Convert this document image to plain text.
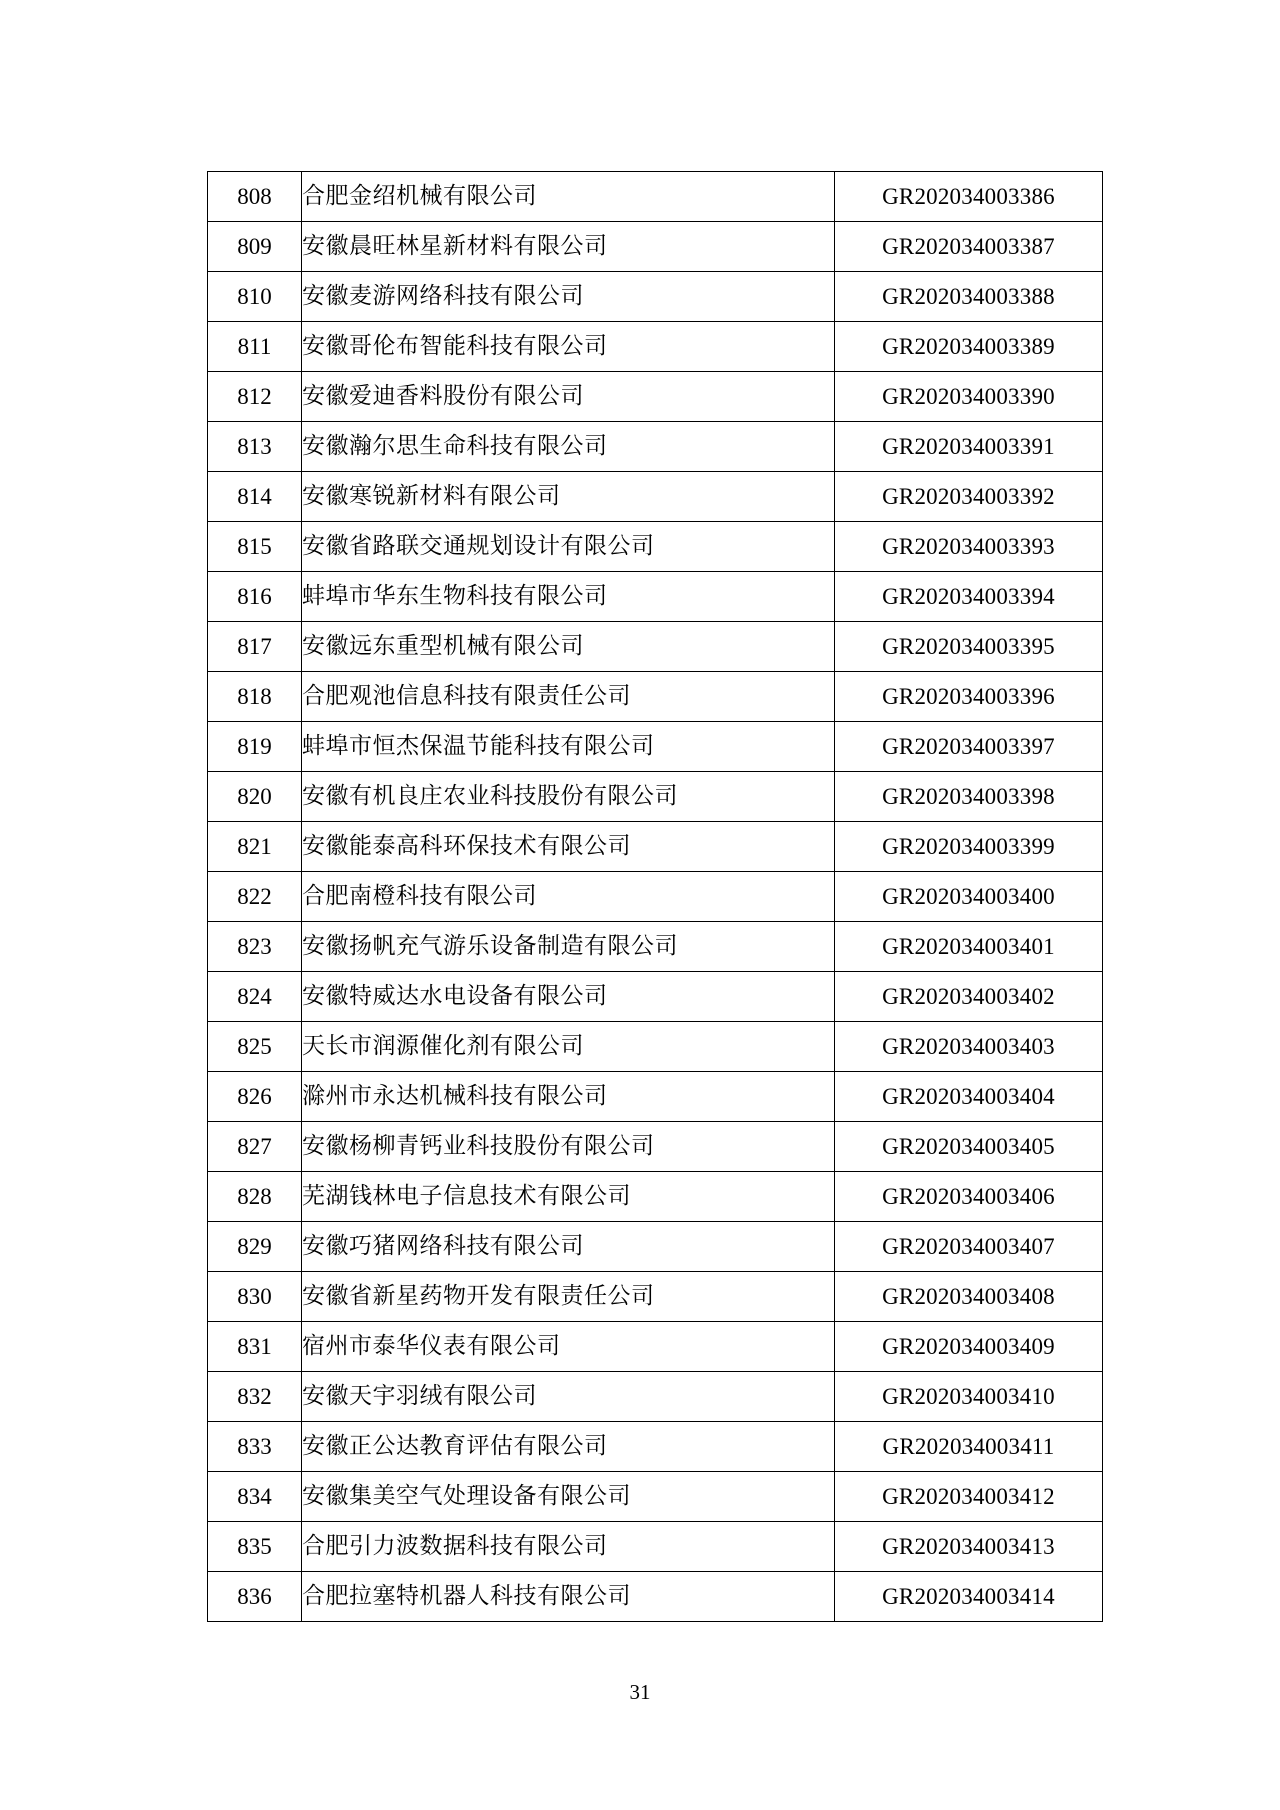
808	合肥金绍机械有限公司	GR202034003386
809	安徽晨旺林星新材料有限公司	GR202034003387
810	安徽麦游网络科技有限公司	GR202034003388
811	安徽哥伦布智能科技有限公司	GR202034003389
812	安徽爱迪香料股份有限公司	GR202034003390
813	安徽瀚尔思生命科技有限公司	GR202034003391
814	安徽寒锐新材料有限公司	GR202034003392
815	安徽省路联交通规划设计有限公司	GR202034003393
816	蚌埠市华东生物科技有限公司	GR202034003394
817	安徽远东重型机械有限公司	GR202034003395
818	合肥观池信息科技有限责任公司	GR202034003396
819	蚌埠市恒杰保温节能科技有限公司	GR202034003397
820	安徽有机良庄农业科技股份有限公司	GR202034003398
821	安徽能泰高科环保技术有限公司	GR202034003399
822	合肥南橙科技有限公司	GR202034003400
823	安徽扬帆充气游乐设备制造有限公司	GR202034003401
824	安徽特威达水电设备有限公司	GR202034003402
825	天长市润源催化剂有限公司	GR202034003403
826	滁州市永达机械科技有限公司	GR202034003404
827	安徽杨柳青钙业科技股份有限公司	GR202034003405
828	芜湖钱林电子信息技术有限公司	GR202034003406
829	安徽巧猪网络科技有限公司	GR202034003407
830	安徽省新星药物开发有限责任公司	GR202034003408
831	宿州市泰华仪表有限公司	GR202034003409
832	安徽天宇羽绒有限公司	GR202034003410
833	安徽正公达教育评估有限公司	GR202034003411
834	安徽集美空气处理设备有限公司	GR202034003412
835	合肥引力波数据科技有限公司	GR202034003413
836	合肥拉塞特机器人科技有限公司	GR202034003414
31
